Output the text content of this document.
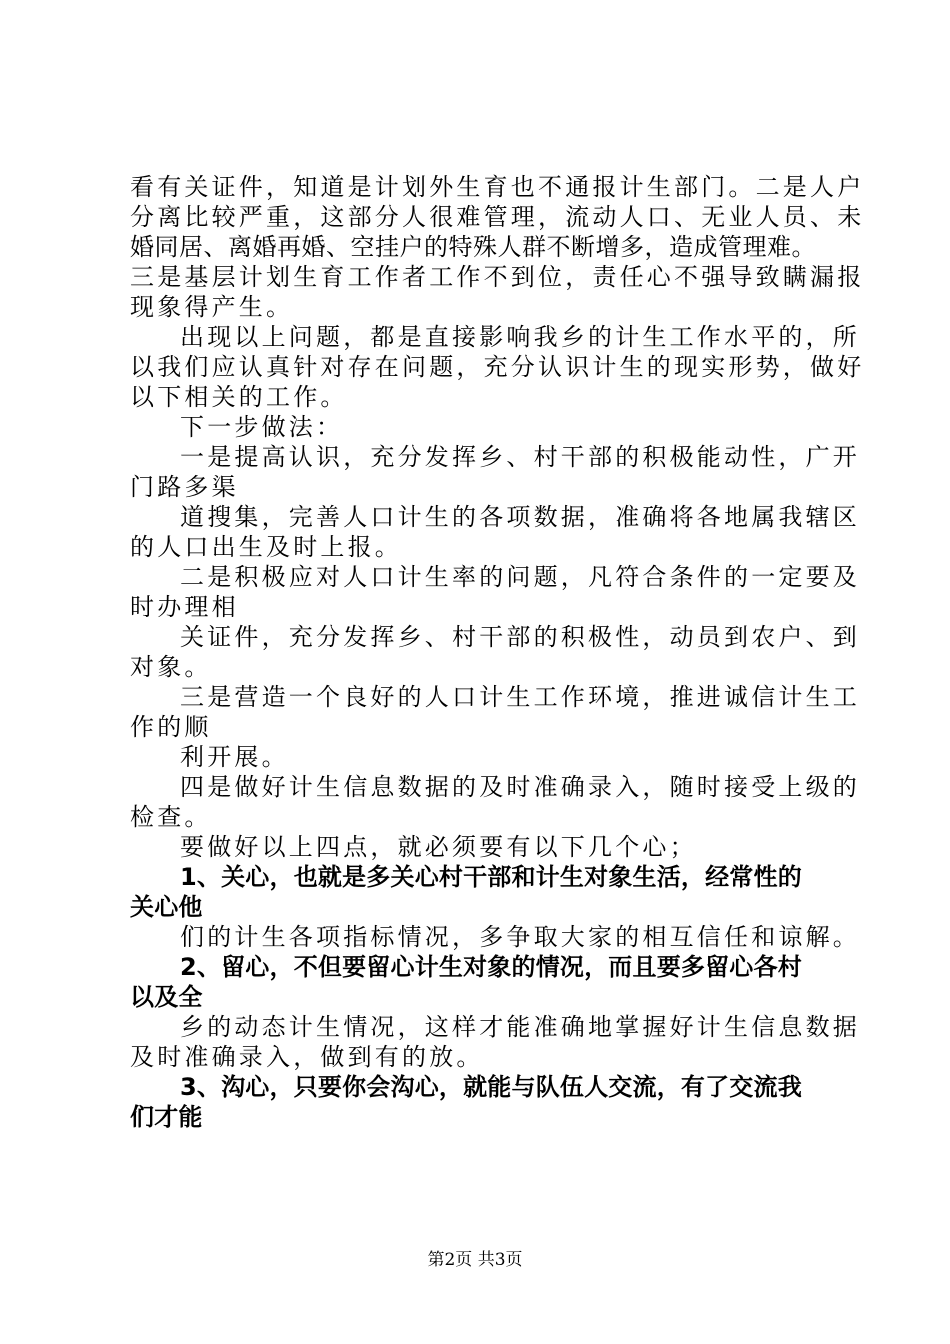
看有关证件，知道是计划外生育也不通报计生部门。二是人户
分离比较严重，这部分人很难管理，流动人口、无业人员、未
婚同居、离婚再婚、空挂户的特殊人群不断增多，造成管理难。
三是基层计划生育工作者工作不到位，责任心不强导致瞒漏报
现象得产生。
出现以上问题，都是直接影响我乡的计生工作水平的，所
以我们应认真针对存在问题，充分认识计生的现实形势，做好
以下相关的工作。
下一步做法：
一是提高认识，充分发挥乡、村干部的积极能动性，广开
门路多渠
道搜集，完善人口计生的各项数据，准确将各地属我辖区
的人口出生及时上报。
二是积极应对人口计生率的问题，凡符合条件的一定要及
时办理相
关证件，充分发挥乡、村干部的积极性，动员到农户、到
对象。
三是营造一个良好的人口计生工作环境，推进诚信计生工
作的顺
利开展。
四是做好计生信息数据的及时准确录入，随时接受上级的
检查。
要做好以上四点，就必须要有以下几个心；
1、关心，也就是多关心村干部和计生对象生活，经常性的
关心他
们的计生各项指标情况，多争取大家的相互信任和谅解。
2、留心，不但要留心计生对象的情况，而且要多留心各村
以及全
乡的动态计生情况，这样才能准确地掌握好计生信息数据
及时准确录入，做到有的放。
3、沟心，只要你会沟心，就能与队伍人交流，有了交流我
们才能
第2页 共3页
